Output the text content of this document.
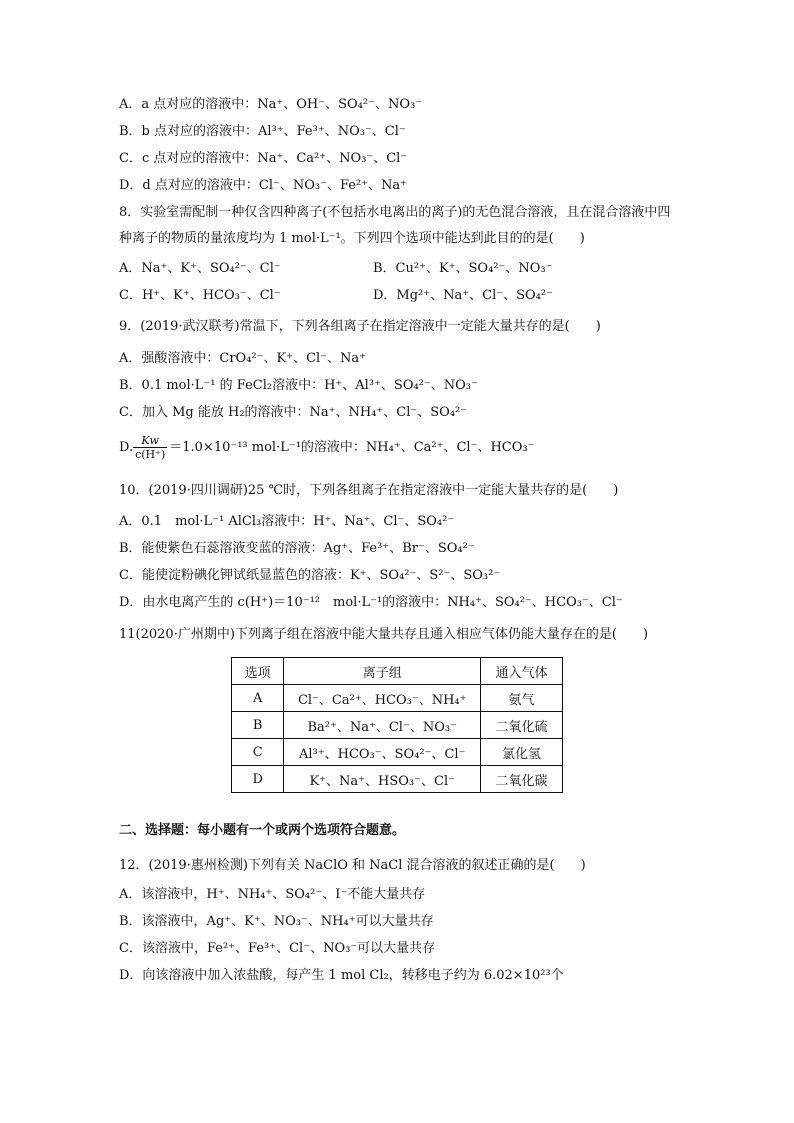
A．a 点对应的溶液中：Na⁺、OH⁻、SO₄²⁻、NO₃⁻
B．b 点对应的溶液中：Al³⁺、Fe³⁺、NO₃⁻、Cl⁻
C．c 点对应的溶液中：Na⁺、Ca²⁺、NO₃⁻、Cl⁻
D．d 点对应的溶液中：Cl⁻、NO₃⁻、Fe²⁺、Na⁺
8．实验室需配制一种仅含四种离子(不包括水电离出的离子)的无色混合溶液，且在混合溶液中四种离子的物质的量浓度均为 1 mol·L⁻¹。下列四个选项中能达到此目的的是(　　)
A．Na⁺、K⁺、SO₄²⁻、Cl⁻	B．Cu²⁺、K⁺、SO₄²⁻、NO₃⁻
C．H⁺、K⁺、HCO₃⁻、Cl⁻	D．Mg²⁺、Na⁺、Cl⁻、SO₄²⁻
9．(2019·武汉联考)常温下，下列各组离子在指定溶液中一定能大量共存的是(　　)
A．强酸溶液中：CrO₄²⁻、K⁺、Cl⁻、Na⁺
B．0.1 mol·L⁻¹ 的 FeCl₂溶液中：H⁺、Al³⁺、SO₄²⁻、NO₃⁻
C．加入 Mg 能放 H₂的溶液中：Na⁺、NH₄⁺、Cl⁻、SO₄²⁻
D. $\frac{Kw}{c(H^+)} =1.0\times 10^{-13}$ mol·L⁻¹的溶液中：NH₄⁺、Ca²⁺、Cl⁻、HCO₃⁻
10．(2019·四川调研)25 ℃时，下列各组离子在指定溶液中一定能大量共存的是(　　)
A．0.1　mol·L⁻¹ AlCl₃溶液中：H⁺、Na⁺、Cl⁻、SO₄²⁻
B．能使紫色石蕊溶液变蓝的溶液：Ag⁺、Fe³⁺、Br⁻、SO₄²⁻
C．能使淀粉碘化钾试纸显蓝色的溶液：K⁺、SO₄²⁻、S²⁻、SO₃²⁻
D．由水电离产生的 c(H⁺)＝10⁻¹²　mol·L⁻¹的溶液中：NH₄⁺、SO₄²⁻、HCO₃⁻、Cl⁻
11(2020·广州期中)下列离子组在溶液中能大量共存且通入相应气体仍能大量存在的是(　　)
选项	离子组	通入气体
A	Cl⁻、Ca²⁺、HCO₃⁻、NH₄⁺	氨气
B	Ba²⁺、Na⁺、Cl⁻、NO₃⁻	二氧化硫
C	Al³⁺、HCO₃⁻、SO₄²⁻、Cl⁻	氯化氢
D	K⁺、Na⁺、HSO₃⁻、Cl⁻	二氧化碳
二、选择题：每小题有一个或两个选项符合题意。
12．(2019·惠州检测)下列有关 NaClO 和 NaCl 混合溶液的叙述正确的是(　　)
A．该溶液中，H⁺、NH₄⁺、SO₄²⁻、I⁻不能大量共存
B．该溶液中，Ag⁺、K⁺、NO₃⁻、NH₄⁺可以大量共存
C．该溶液中，Fe²⁺、Fe³⁺、Cl⁻、NO₃⁻可以大量共存
D．向该溶液中加入浓盐酸，每产生 1 mol Cl₂，转移电子约为 6.02×10²³个
